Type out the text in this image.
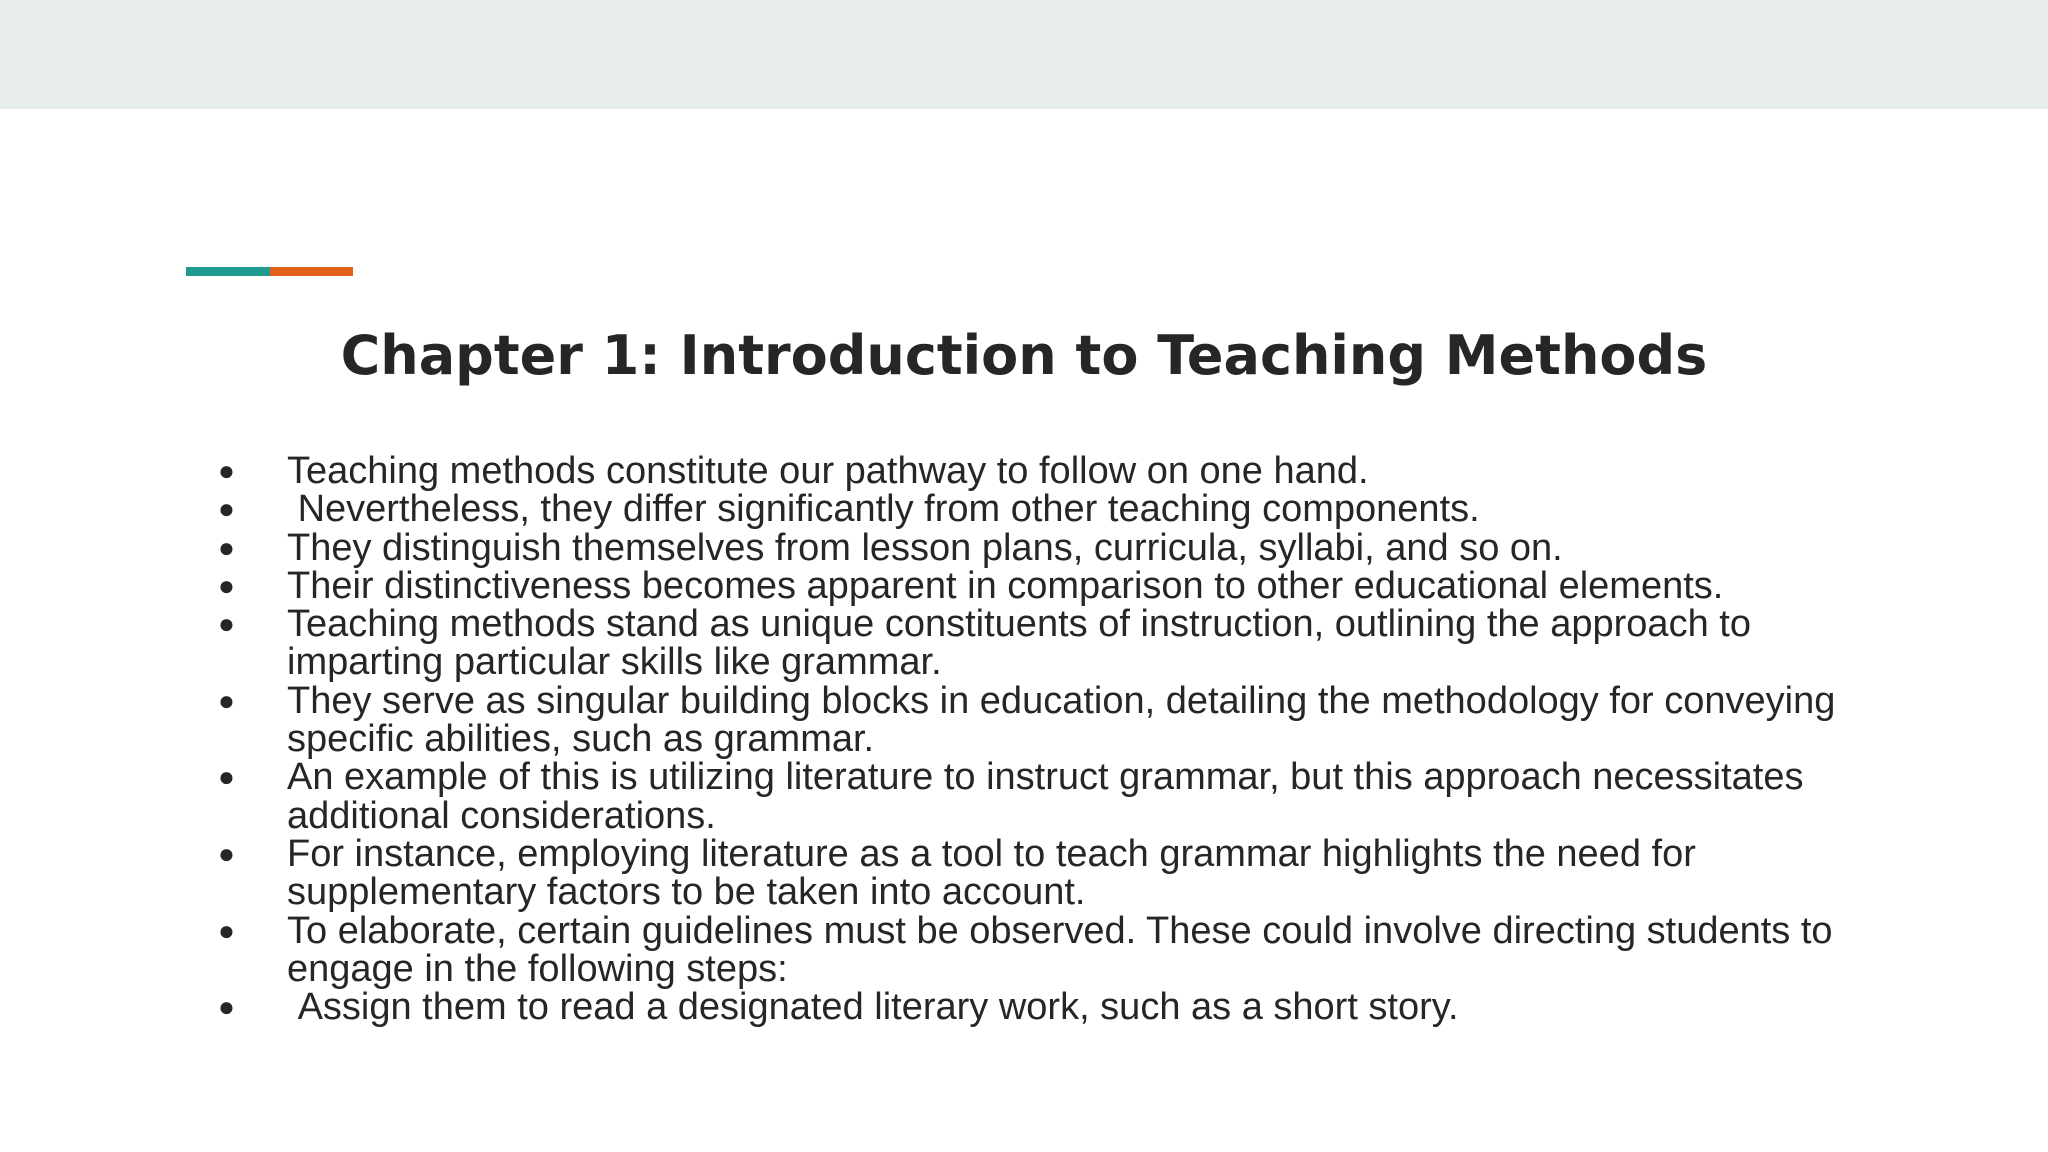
Chapter 1: Introduction to Teaching Methods
● Teaching methods constitute our pathway to follow on one hand.
● Nevertheless, they differ significantly from other teaching components.
● They distinguish themselves from lesson plans, curricula, syllabi, and so on.
● Their distinctiveness becomes apparent in comparison to other educational elements.
● Teaching methods stand as unique constituents of instruction, outlining the approach to imparting particular skills like grammar.
● They serve as singular building blocks in education, detailing the methodology for conveying specific abilities, such as grammar.
● An example of this is utilizing literature to instruct grammar, but this approach necessitates additional considerations.
● For instance, employing literature as a tool to teach grammar highlights the need for supplementary factors to be taken into account.
● To elaborate, certain guidelines must be observed. These could involve directing students to engage in the following steps:
● Assign them to read a designated literary work, such as a short story.
